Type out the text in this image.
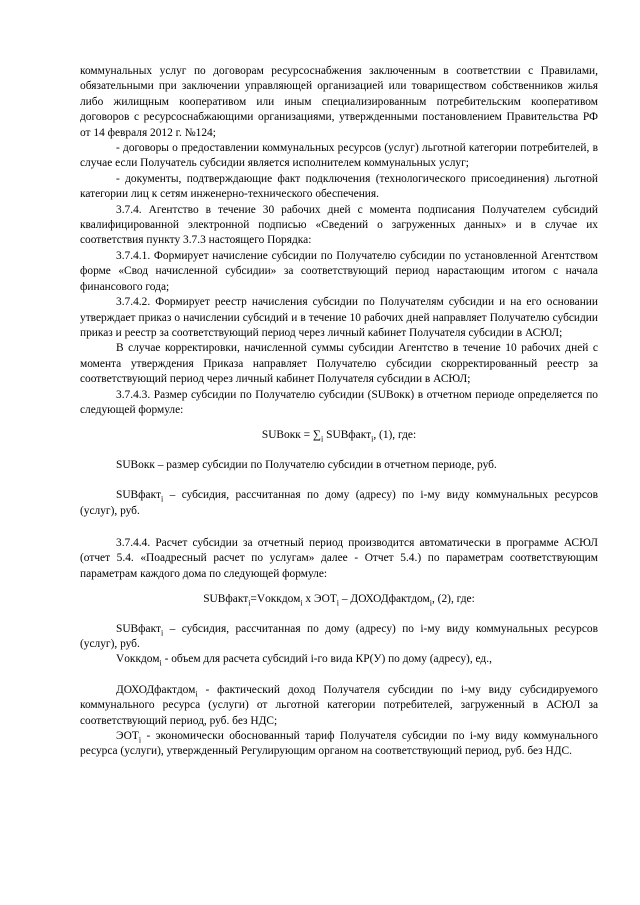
коммунальных услуг по договорам ресурсоснабжения заключенным в соответствии с Правилами, обязательными при заключении управляющей организацией или товариществом собственников жилья либо жилищным кооперативом или иным специализированным потребительским кооперативом договоров с ресурсоснабжающими организациями, утвержденными постановлением Правительства РФ от 14 февраля 2012 г. №124;

- договоры о предоставлении коммунальных ресурсов (услуг) льготной категории потребителей, в случае если Получатель субсидии является исполнителем коммунальных услуг;

- документы, подтверждающие факт подключения (технологического присоединения) льготной категории лиц к сетям инженерно-технического обеспечения.

3.7.4. Агентство в течение 30 рабочих дней с момента подписания Получателем субсидий квалифицированной электронной подписью «Сведений о загруженных данных» и в случае их соответствия пункту 3.7.3 настоящего Порядка:

3.7.4.1. Формирует начисление субсидии по Получателю субсидии по установленной Агентством форме «Свод начисленной субсидии» за соответствующий период нарастающим итогом с начала финансового года;

3.7.4.2. Формирует реестр начисления субсидии по Получателям субсидии и на его основании утверждает приказ о начислении субсидий и в течение 10 рабочих дней направляет Получателю субсидии приказ и реестр за соответствующий период через личный кабинет Получателя субсидии в АСЮЛ;

В случае корректировки, начисленной суммы субсидии Агентство в течение 10 рабочих дней с момента утверждения Приказа направляет Получателю субсидии скорректированный реестр за соответствующий период через личный кабинет Получателя субсидии в АСЮЛ;

3.7.4.3. Размер субсидии по Получателю субсидии (SUBокк) в отчетном периоде определяется по следующей формуле:

SUBокк = $\sum_i$ SUBфакт$_i$, (1), где:

SUBокк – размер субсидии по Получателю субсидии в отчетном периоде, руб.

SUBфакт$_i$ – субсидия, рассчитанная по дому (адресу) по i-му виду коммунальных ресурсов (услуг), руб.

3.7.4.4. Расчет субсидии за отчетный период производится автоматически в программе АСЮЛ (отчет 5.4. «Поадресный расчет по услугам» далее - Отчет 5.4.) по параметрам соответствующим параметрам каждого дома по следующей формуле:

SUBфакт$_i$=Vоккдом$_i$ х $ЭОТ_i$ – ДОХОДфактдом$_i$, (2), где:

SUBфакт$_i$ – субсидия, рассчитанная по дому (адресу) по i-му виду коммунальных ресурсов (услуг), руб.

Vоккдом$_i$ - объем для расчета субсидий i-го вида КР(У) по дому (адресу), ед.,

ДОХОДфактдом$_i$ - фактический доход Получателя субсидии по i-му виду субсидируемого коммунального ресурса (услуги) от льготной категории потребителей, загруженный в АСЮЛ за соответствующий период, руб. без НДС;

$ЭОТ_i$ - экономически обоснованный тариф Получателя субсидии по i-му виду коммунального ресурса (услуги), утвержденный Регулирующим органом на соответствующий период, руб. без НДС.
